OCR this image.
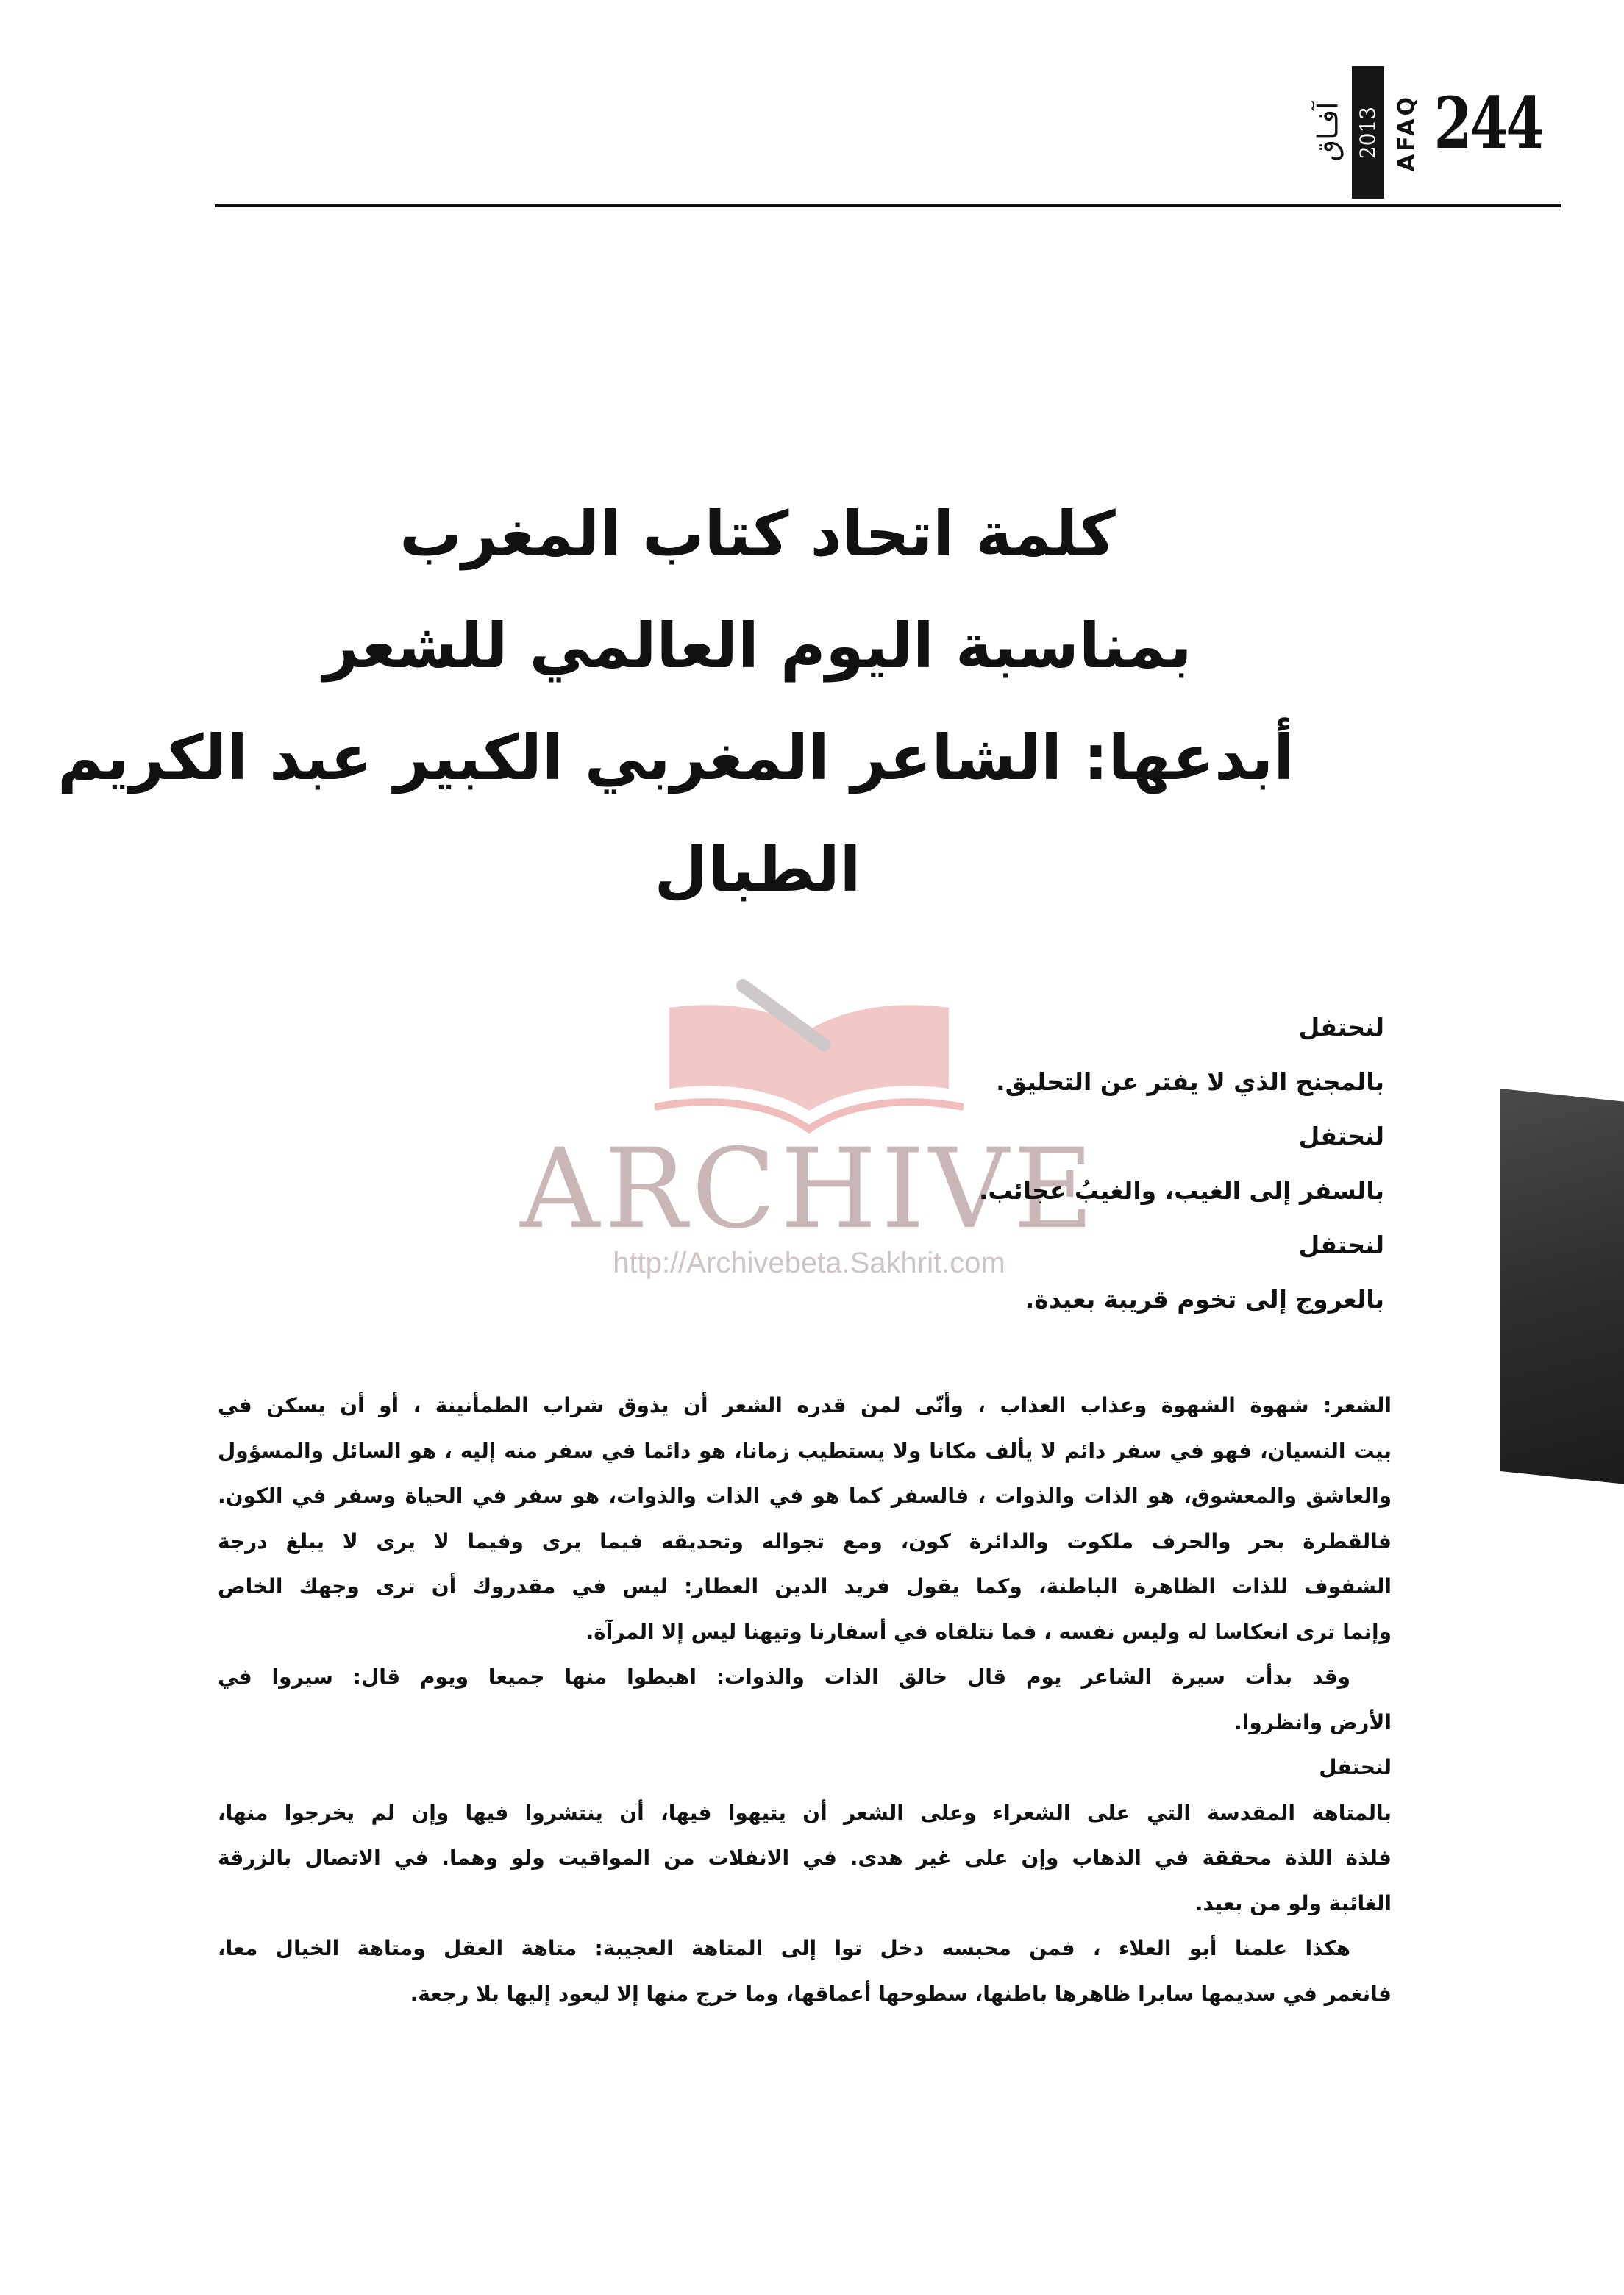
244
AFAQ
2013
آفـاق
كلمة اتحاد كتاب المغرب
بمناسبة اليوم العالمي للشعر
أبدعها: الشاعر المغربي الكبير عبد الكريم
الطبال
ARCHIVE
http://Archivebeta.Sakhrit.com
لنحتفل
بالمجنح الذي لا يفتر عن التحليق.
لنحتفل
بالسفر إلى الغيب، والغيبُ عجائب.
لنحتفل
بالعروج إلى تخوم قريبة بعيدة.
الشعر: شهوة الشهوة وعذاب العذاب ، وأنّى لمن قدره الشعر أن يذوق شراب الطمأنينة ، أو أن يسكن في
بيت النسيان، فهو في سفر دائم لا يألف مكانا ولا يستطيب زمانا، هو دائما في سفر منه إليه ، هو السائل والمسؤول
والعاشق والمعشوق، هو الذات والذوات ، فالسفر كما هو في الذات والذوات، هو سفر في الحياة وسفر في الكون.
فالقطرة بحر والحرف ملكوت والدائرة كون، ومع تجواله وتحديقه فيما يرى وفيما لا يرى لا يبلغ درجة
الشفوف للذات الظاهرة الباطنة، وكما يقول فريد الدين العطار: ليس في مقدروك أن ترى وجهك الخاص
وإنما ترى انعكاسا له وليس نفسه ، فما نتلقاه في أسفارنا وتيهنا ليس إلا المرآة.
وقد بدأت سيرة الشاعر يوم قال خالق الذات والذوات: اهبطوا منها جميعا ويوم قال: سيروا في
الأرض وانظروا.
لنحتفل
بالمتاهة المقدسة التي على الشعراء وعلى الشعر أن يتيهوا فيها، أن ينتشروا فيها وإن لم يخرجوا منها،
فلذة اللذة محققة في الذهاب وإن على غير هدى. في الانفلات من المواقيت ولو وهما. في الاتصال بالزرقة
الغائبة ولو من بعيد.
هكذا علمنا أبو العلاء ، فمن محبسه دخل توا إلى المتاهة العجيبة: متاهة العقل ومتاهة الخيال معا،
فانغمر في سديمها سابرا ظاهرها باطنها، سطوحها أعماقها، وما خرج منها إلا ليعود إليها بلا رجعة.
